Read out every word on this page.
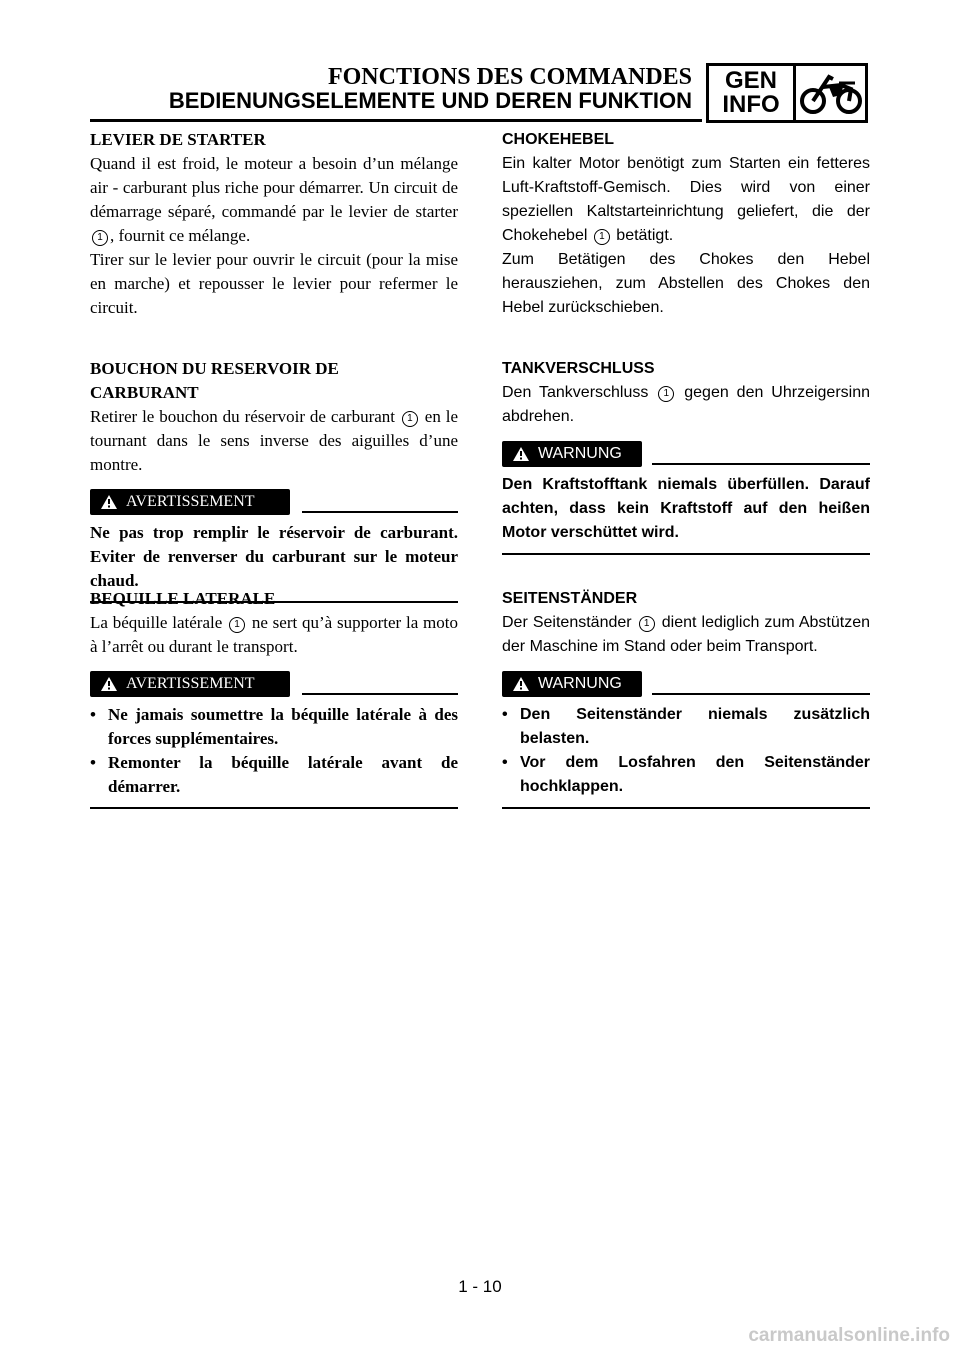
FONCTIONS DES COMMANDES
BEDIENUNGSELEMENTE UND DEREN FUNKTION
GEN
INFO

LEVIER DE STARTER

Quand il est froid, le moteur a besoin d’un mélange air - carburant plus riche pour démarrer. Un circuit de démarrage séparé, commandé par le levier de starter 1 , fournit ce mélange.

Tirer sur le levier pour ouvrir le circuit (pour la mise en marche) et repousser le levier pour refermer le circuit.

BOUCHON DU RESERVOIR DE

CARBURANT

Retirer le bouchon du réservoir de carburant 1 en le tournant dans le sens inverse des aiguilles d’une montre.

AVERTISSEMENT

Ne pas trop remplir le réservoir de carburant. Eviter de renverser du carburant sur le moteur chaud.

BEQUILLE LATERALE

La béquille latérale 1 ne sert qu’à supporter la moto à l’arrêt ou durant le transport.

AVERTISSEMENT
• Ne jamais soumettre la béquille latérale à des forces supplémentaires.
• Remonter la béquille latérale avant de démarrer.

CHOKEHEBEL

Ein kalter Motor benötigt zum Starten ein fetteres Luft-Kraftstoff-Gemisch. Dies wird von einer speziellen Kaltstarteinrichtung geliefert, die der Chokehebel 1 betätigt.

Zum Betätigen des Chokes den Hebel herausziehen, zum Abstellen des Chokes den Hebel zurückschieben.

TANKVERSCHLUSS

Den Tankverschluss 1 gegen den Uhrzeigersinn abdrehen.

WARNUNG

Den Kraftstofftank niemals überfüllen. Darauf achten, dass kein Kraftstoff auf den heißen Motor verschüttet wird.

SEITENSTÄNDER

Der Seitenständer 1 dient lediglich zum Abstützen der Maschine im Stand oder beim Transport.

WARNUNG
• Den Seitenständer niemals zusätzlich belasten.
• Vor dem Losfahren den Seitenständer hochklappen.
1 - 10
carmanualsonline.info
